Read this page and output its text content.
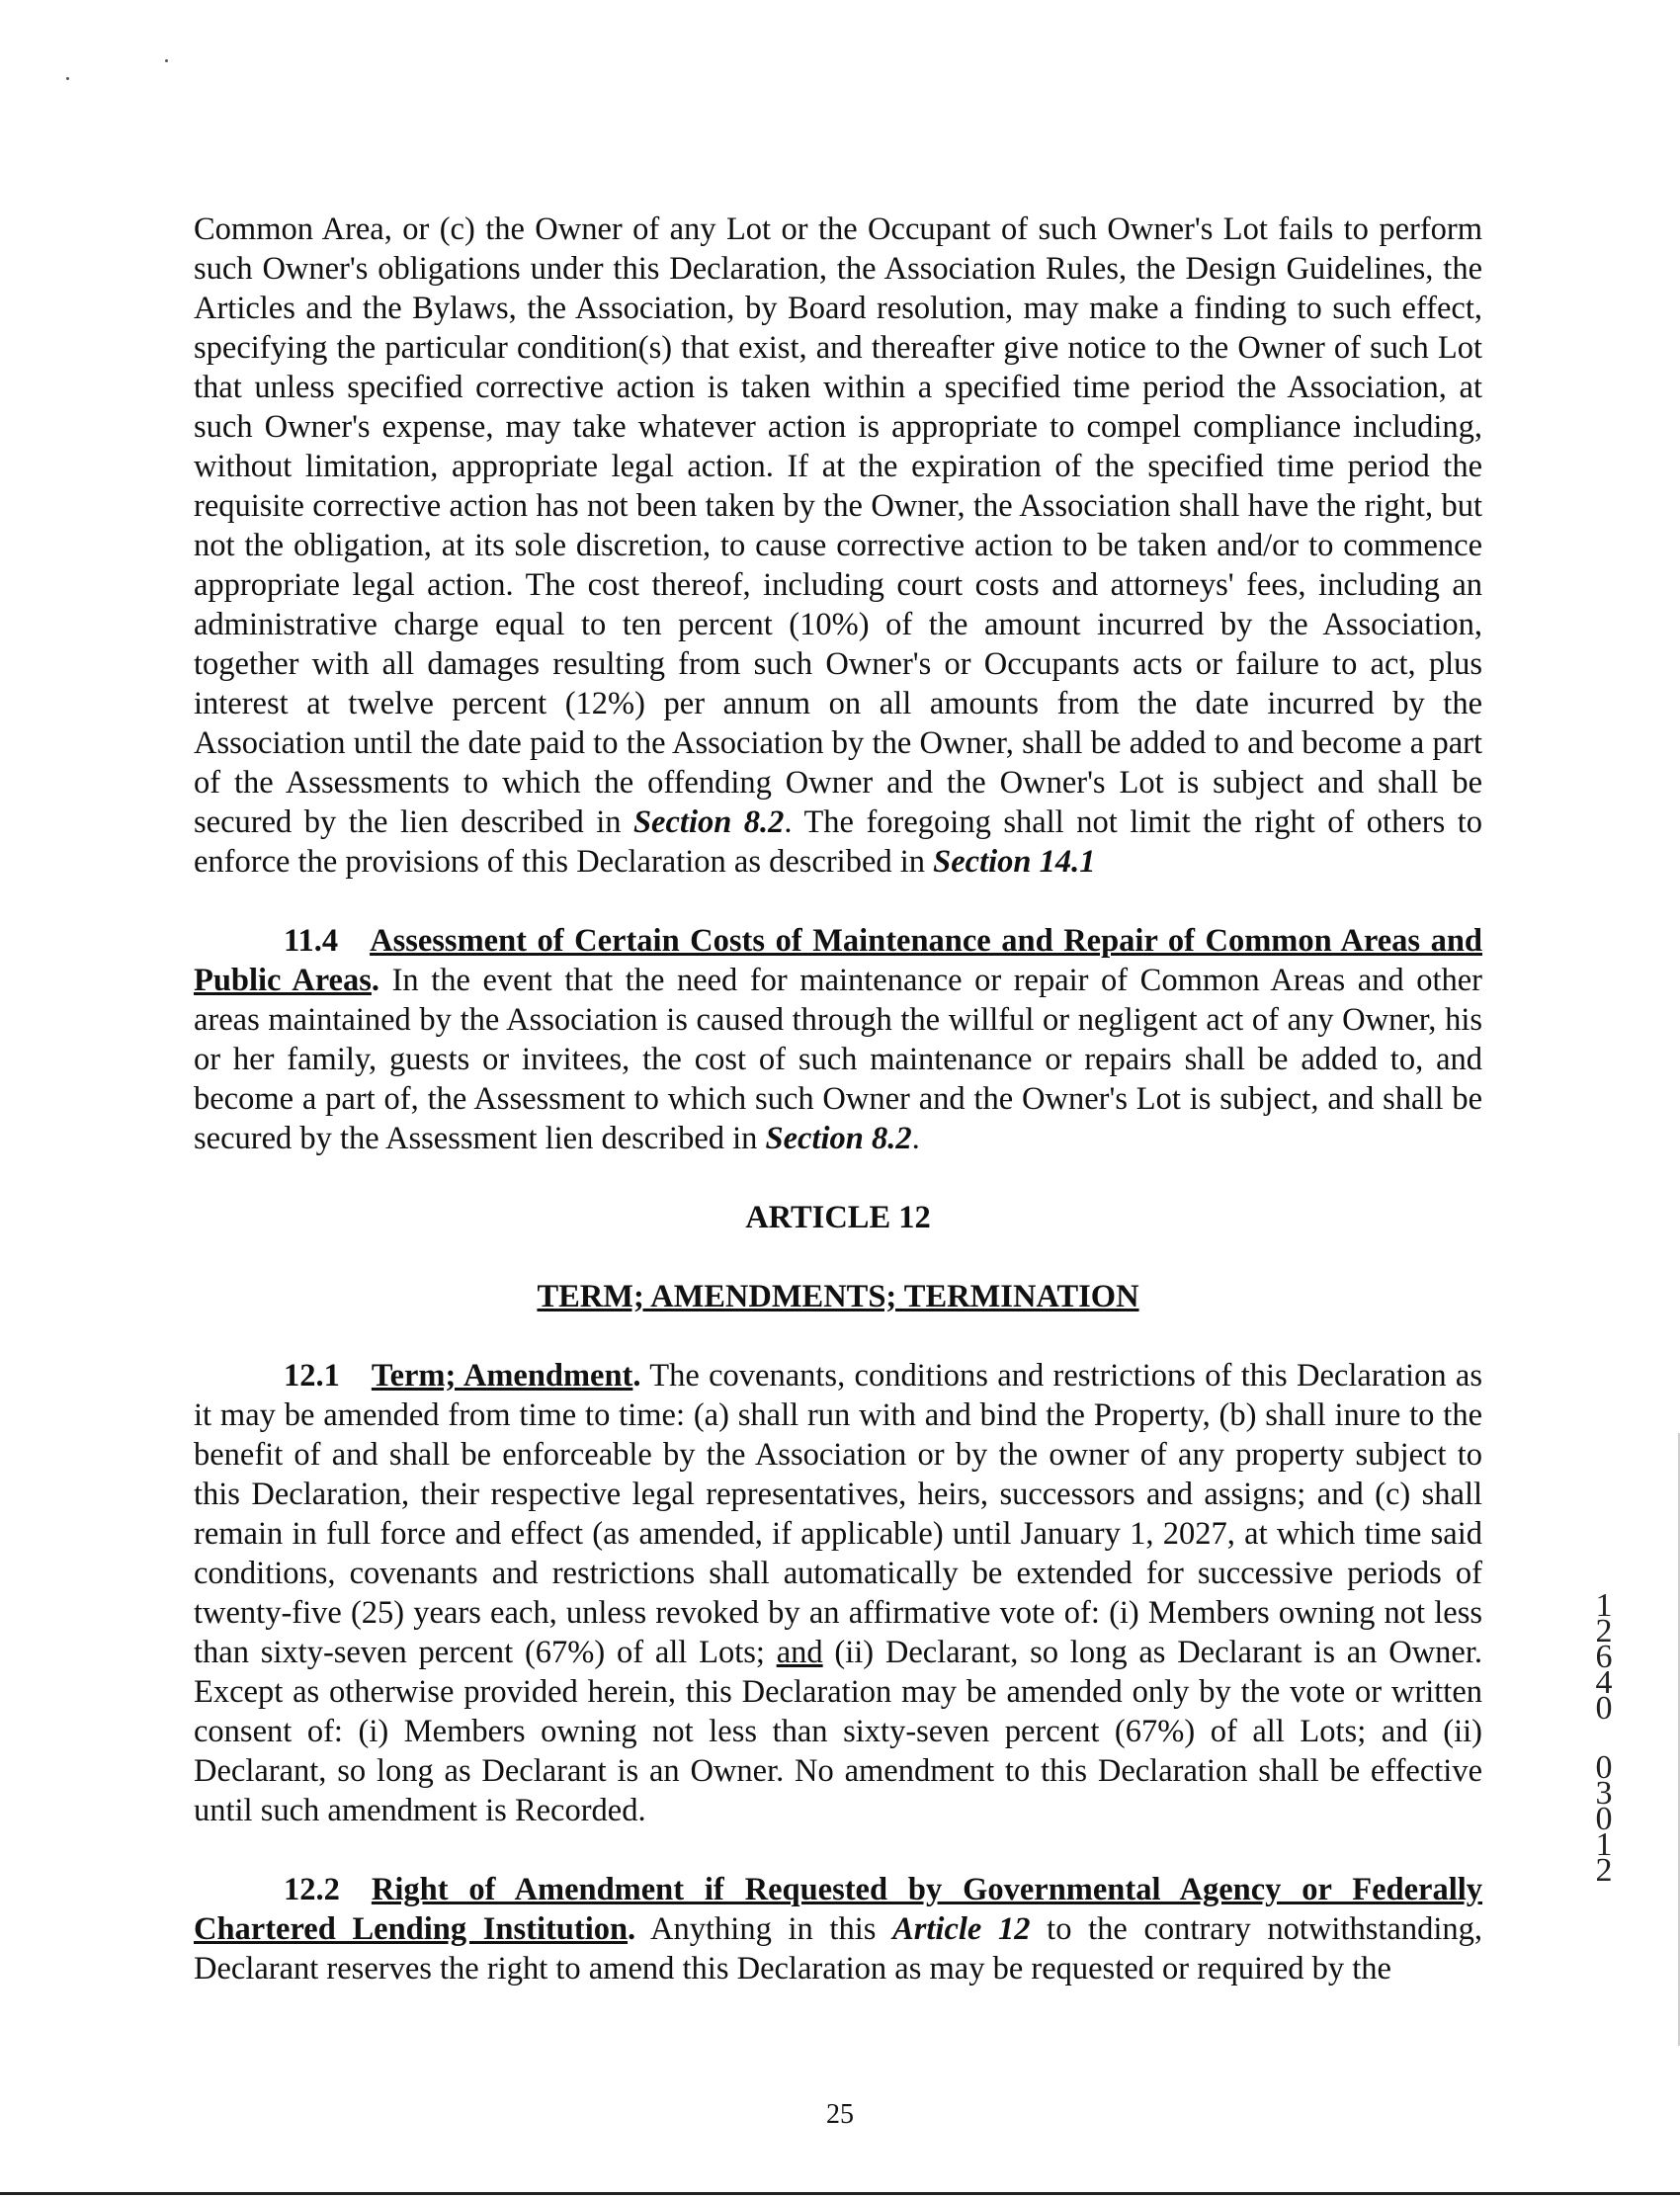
Common Area, or (c) the Owner of any Lot or the Occupant of such Owner's Lot fails to perform such Owner's obligations under this Declaration, the Association Rules, the Design Guidelines, the Articles and the Bylaws, the Association, by Board resolution, may make a finding to such effect, specifying the particular condition(s) that exist, and thereafter give notice to the Owner of such Lot that unless specified corrective action is taken within a specified time period the Association, at such Owner's expense, may take whatever action is appropriate to compel compliance including, without limitation, appropriate legal action. If at the expiration of the specified time period the requisite corrective action has not been taken by the Owner, the Association shall have the right, but not the obligation, at its sole discretion, to cause corrective action to be taken and/or to commence appropriate legal action. The cost thereof, including court costs and attorneys' fees, including an administrative charge equal to ten percent (10%) of the amount incurred by the Association, together with all damages resulting from such Owner's or Occupants acts or failure to act, plus interest at twelve percent (12%) per annum on all amounts from the date incurred by the Association until the date paid to the Association by the Owner, shall be added to and become a part of the Assessments to which the offending Owner and the Owner's Lot is subject and shall be secured by the lien described in Section 8.2. The foregoing shall not limit the right of others to enforce the provisions of this Declaration as described in Section 14.1

11.4 Assessment of Certain Costs of Maintenance and Repair of Common Areas and Public Areas. In the event that the need for maintenance or repair of Common Areas and other areas maintained by the Association is caused through the willful or negligent act of any Owner, his or her family, guests or invitees, the cost of such maintenance or repairs shall be added to, and become a part of, the Assessment to which such Owner and the Owner's Lot is subject, and shall be secured by the Assessment lien described in Section 8.2.

ARTICLE 12

TERM; AMENDMENTS; TERMINATION

12.1 Term; Amendment. The covenants, conditions and restrictions of this Declaration as it may be amended from time to time: (a) shall run with and bind the Property, (b) shall inure to the benefit of and shall be enforceable by the Association or by the owner of any property subject to this Declaration, their respective legal representatives, heirs, successors and assigns; and (c) shall remain in full force and effect (as amended, if applicable) until January 1, 2027, at which time said conditions, covenants and restrictions shall automatically be extended for successive periods of twenty-five (25) years each, unless revoked by an affirmative vote of: (i) Members owning not less than sixty-seven percent (67%) of all Lots; and (ii) Declarant, so long as Declarant is an Owner. Except as otherwise provided herein, this Declaration may be amended only by the vote or written consent of: (i) Members owning not less than sixty-seven percent (67%) of all Lots; and (ii) Declarant, so long as Declarant is an Owner. No amendment to this Declaration shall be effective until such amendment is Recorded.

12.2 Right of Amendment if Requested by Governmental Agency or Federally Chartered Lending Institution. Anything in this Article 12 to the contrary notwithstanding, Declarant reserves the right to amend this Declaration as may be requested or required by the

1
2
6
4
0
0
3
0
1
2
25
